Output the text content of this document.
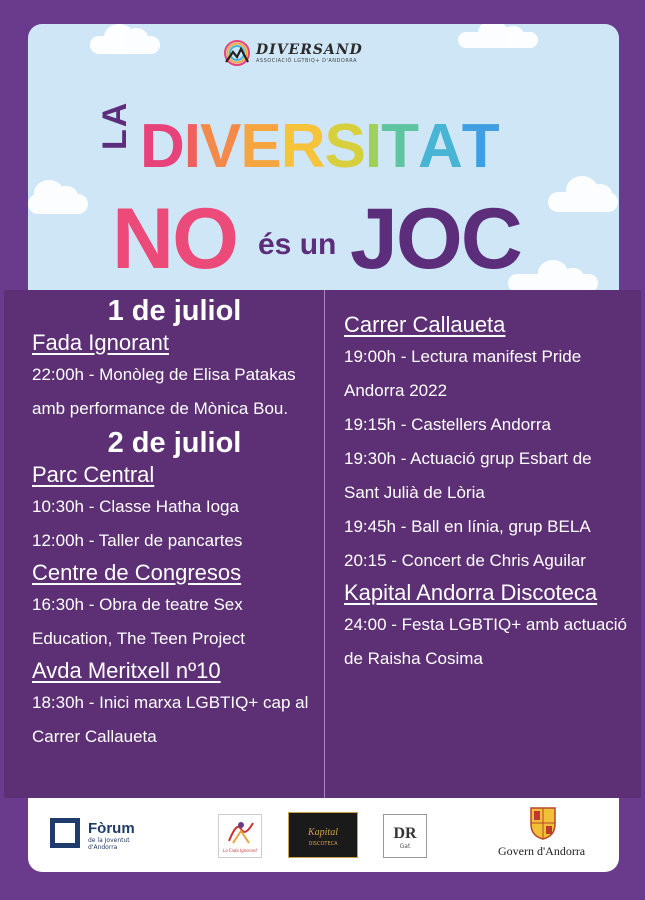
DIVERSAND
ASSOCIACIÓ LGTBIQ+ D'ANDORRA
LA DIVERSITAT
NO és un JOC
1 de juliol
Fada Ignorant
22:00h - Monòleg de Elisa Patakas
amb performance de Mònica Bou.
2 de juliol
Parc Central
10:30h - Classe Hatha Ioga
12:00h - Taller de pancartes
Centre de Congresos
16:30h - Obra de teatre Sex
Education, The Teen Project
Avda Meritxell nº10
18:30h - Inici marxa LGBTIQ+ cap al
Carrer Callaueta
Carrer Callaueta
19:00h - Lectura manifest Pride
Andorra 2022
19:15h - Castellers Andorra
19:30h - Actuació grup Esbart de
Sant Julià de Lòria
19:45h - Ball en línia, grup BELA
20:15 - Concert de Chris Aguilar
Kapital Andorra Discoteca
24:00 - Festa LGBTIQ+ amb actuació
de Raisha Cosima
Fòrum
de la Joventut
d'Andorra	La Fada Ignorant
Kapital
DISCOTECA
DR
Gat	Govern d'Andorra
